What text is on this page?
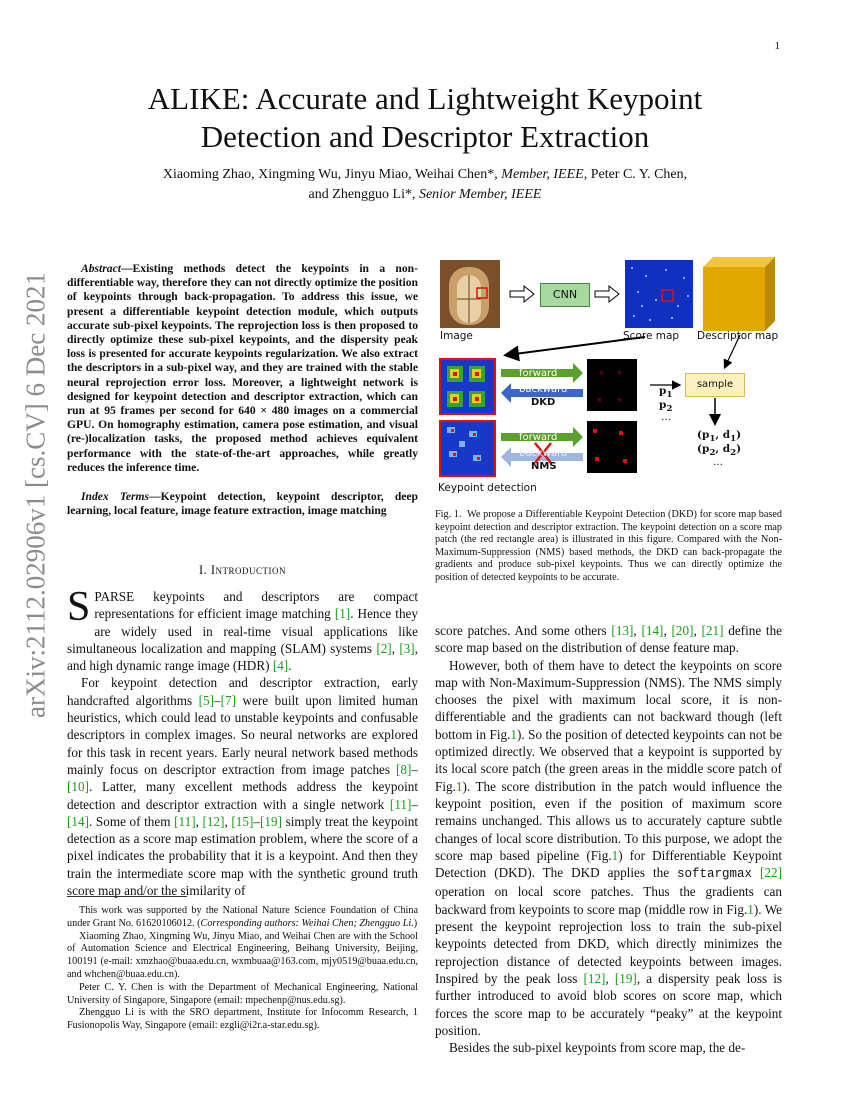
1
arXiv:2112.02906v1 [cs.CV] 6 Dec 2021
ALIKE: Accurate and Lightweight Keypoint
Detection and Descriptor Extraction
Xiaoming Zhao, Xingming Wu, Jinyu Miao, Weihai Chen*, Member, IEEE, Peter C. Y. Chen,
and Zhengguo Li*, Senior Member, IEEE
Abstract—Existing methods detect the keypoints in a non-differentiable way, therefore they can not directly optimize the position of keypoints through back-propagation. To address this issue, we present a differentiable keypoint detection module, which outputs accurate sub-pixel keypoints. The reprojection loss is then proposed to directly optimize these sub-pixel keypoints, and the dispersity peak loss is presented for accurate keypoints regularization. We also extract the descriptors in a sub-pixel way, and they are trained with the stable neural reprojection error loss. Moreover, a lightweight network is designed for keypoint detection and descriptor extraction, which can run at 95 frames per second for 640 × 480 images on a commercial GPU. On homography estimation, camera pose estimation, and visual (re-)localization tasks, the proposed method achieves equivalent performance with the state-of-the-art approaches, while greatly reduces the inference time.
Index Terms—Keypoint detection, keypoint descriptor, deep learning, local feature, image feature extraction, image matching
I. Introduction

SPARSE keypoints and descriptors are compact representations for efficient image matching [1]. Hence they are widely used in real-time visual applications like simultaneous localization and mapping (SLAM) systems [2], [3], and high dynamic range image (HDR) [4].

For keypoint detection and descriptor extraction, early handcrafted algorithms [5]–[7] were built upon limited human heuristics, which could lead to unstable keypoints and confusable descriptors in complex images. So neural networks are explored for this task in recent years. Early neural network based methods mainly focus on descriptor extraction from image patches [8]–[10]. Latter, many excellent methods address the keypoint detection and descriptor extraction with a single network [11]–[14]. Some of them [11], [12], [15]–[19] simply treat the keypoint detection as a score map estimation problem, where the score of a pixel indicates the probability that it is a keypoint. And then they train the intermediate score map with the synthetic ground truth score map and/or the similarity of

This work was supported by the National Nature Science Foundation of China under Grant No. 61620106012. (Corresponding authors: Weihai Chen; Zhengguo Li.)

Xiaoming Zhao, Xingming Wu, Jinyu Miao, and Weihai Chen are with the School of Automation Science and Electrical Engineering, Beihang University, Beijing, 100191 (e-mail: xmzhao@buaa.edu.cn, wxmbuaa@163.com, mjy0519@buaa.edu.cn, and whchen@buaa.edu.cn).

Peter C. Y. Chen is with the Department of Mechanical Engineering, National University of Singapore, Singapore (email: mpechenp@nus.edu.sg).

Zhengguo Li is with the SRO department, Institute for Infocomm Research, 1 Fusionopolis Way, Singapore (email: ezgli@i2r.a-star.edu.sg).

× ×
× ×
Image
CNN
Score map Descriptor map
forward
backward
DKD
forward
backward
NMS
sample
$p_1$
$p_2$
...
($p_1$, $d_1$)
($p_2$, $d_2$)
...
Keypoint detection
Fig. 1. We propose a Differentiable Keypoint Detection (DKD) for score map based keypoint detection and descriptor extraction. The keypoint detection on a score map patch (the red rectangle area) is illustrated in this figure. Compared with the Non-Maximum-Suppression (NMS) based methods, the DKD can back-propagate the gradients and produce sub-pixel keypoints. Thus we can directly optimize the position of detected keypoints to be accurate.

score patches. And some others [13], [14], [20], [21] define the score map based on the distribution of dense feature map.

However, both of them have to detect the keypoints on score map with Non-Maximum-Suppression (NMS). The NMS simply chooses the pixel with maximum local score, it is non-differentiable and the gradients can not backward though (left bottom in Fig.1). So the position of detected keypoints can not be optimized directly. We observed that a keypoint is supported by its local score patch (the green areas in the middle score patch of Fig.1). The score distribution in the patch would influence the keypoint position, even if the position of maximum score remains unchanged. This allows us to accurately capture subtle changes of local score distribution. To this purpose, we adopt the score map based pipeline (Fig.1) for Differentiable Keypoint Detection (DKD). The DKD applies the softargmax [22] operation on local score patches. Thus the gradients can backward from keypoints to score map (middle row in Fig.1). We present the keypoint reprojection loss to train the sub-pixel keypoints detected from DKD, which directly minimizes the reprojection distance of detected keypoints between images. Inspired by the peak loss [12], [19], a dispersity peak loss is further introduced to avoid blob scores on score map, which forces the score map to be accurately “peaky” at the keypoint position.

Besides the sub-pixel keypoints from score map, the de-
